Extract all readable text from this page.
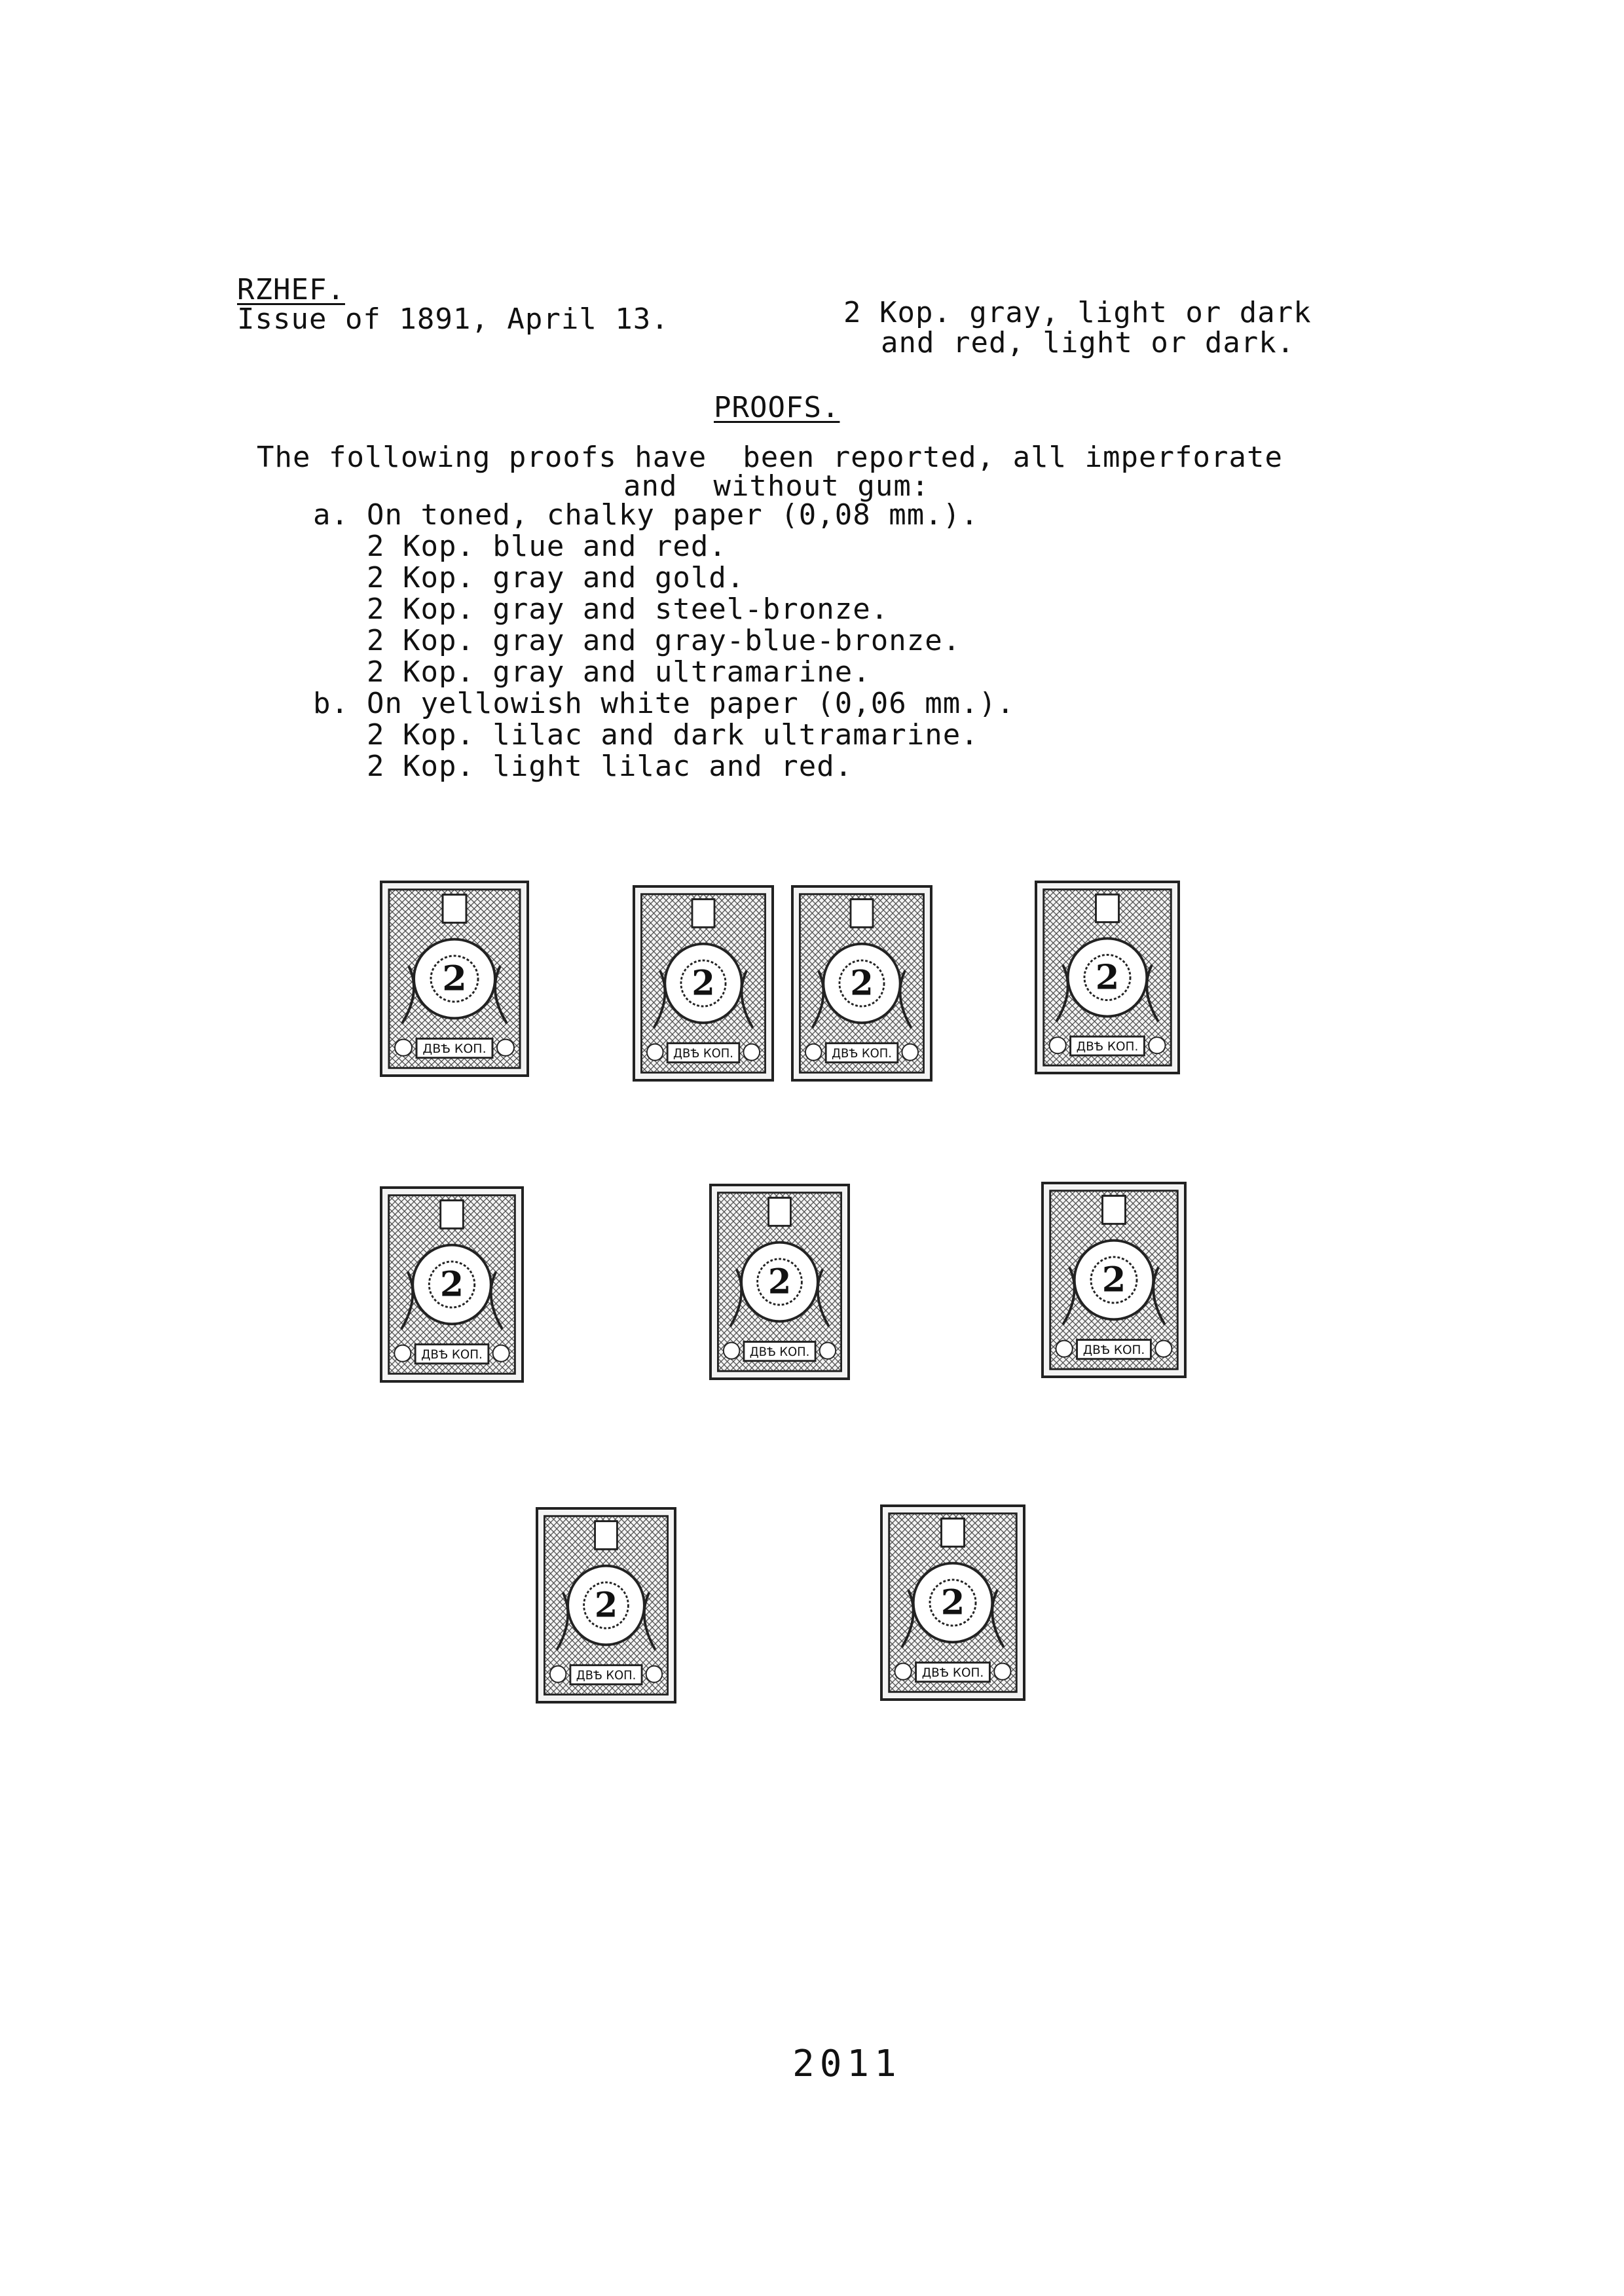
RZHEF.
Issue of 1891, April 13.	2 Kop. gray, light or dark
and red, light or dark.
PROOFS.
The following proofs have  been reported, all imperforate
and  without gum:

a.

On toned, chalky paper (0,08 mm.).

2 Kop. blue and red.
2 Kop. gray and gold.
2 Kop. gray and steel-bronze.
2 Kop. gray and gray-blue-bronze.
2 Kop. gray and ultramarine.

b.

On yellowish white paper (0,06 mm.).

2 Kop. lilac and dark ultramarine.
2 Kop. light lilac and red.
2
ДВѢ КОП.
2
ДВѢ КОП.
2
ДВѢ КОП.
2
ДВѢ КОП.
2
ДВѢ КОП.
2
ДВѢ КОП.
2
ДВѢ КОП.
2
ДВѢ КОП.
2
ДВѢ КОП.
2011
